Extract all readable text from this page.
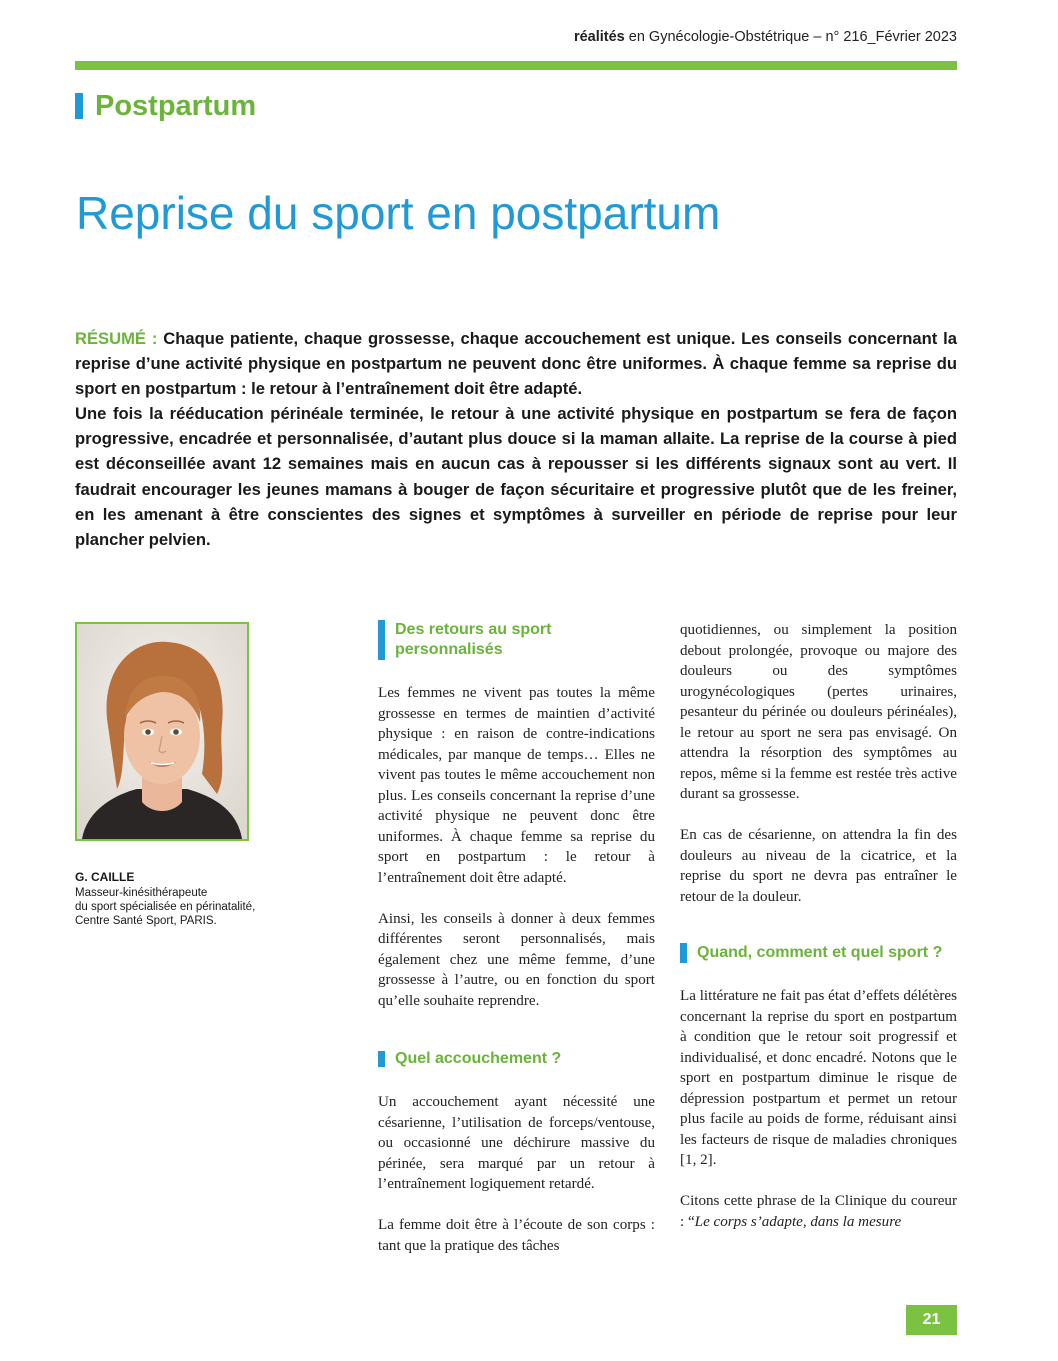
réalités en Gynécologie-Obstétrique – n° 216_Février 2023
Postpartum
Reprise du sport en postpartum

RÉSUMÉ : Chaque patiente, chaque grossesse, chaque accouchement est unique. Les conseils concernant la reprise d’une activité physique en postpartum ne peuvent donc être uniformes. À chaque femme sa reprise du sport en postpartum : le retour à l’entraînement doit être adapté.

Une fois la rééducation périnéale terminée, le retour à une activité physique en postpartum se fera de façon progressive, encadrée et personnalisée, d’autant plus douce si la maman allaite. La reprise de la course à pied est déconseillée avant 12 semaines mais en aucun cas à repousser si les différents signaux sont au vert. Il faudrait encourager les jeunes mamans à bouger de façon sécuritaire et progressive plutôt que de les freiner, en les amenant à être conscientes des signes et symptômes à surveiller en période de reprise pour leur plancher pelvien.

G. CAILLE
Masseur-kinésithérapeute
du sport spécialisée en périnatalité,
Centre Santé Sport, PARIS.
Des retours au sport personnalisés

Les femmes ne vivent pas toutes la même grossesse en termes de maintien d’activité physique : en raison de contre-indications médicales, par manque de temps… Elles ne vivent pas toutes le même accouchement non plus. Les conseils concernant la reprise d’une activité physique ne peuvent donc être uniformes. À chaque femme sa reprise du sport en postpartum : le retour à l’entraînement doit être adapté.

Ainsi, les conseils à donner à deux femmes différentes seront personnalisés, mais également chez une même femme, d’une grossesse à l’autre, ou en fonction du sport qu’elle souhaite reprendre.

Quel accouchement ?

Un accouchement ayant nécessité une césarienne, l’utilisation de forceps/ventouse, ou occasionné une déchirure massive du périnée, sera marqué par un retour à l’entraînement logiquement retardé.

La femme doit être à l’écoute de son corps : tant que la pratique des tâches

quotidiennes, ou simplement la position debout prolongée, provoque ou majore des douleurs ou des symptômes urogynécologiques (pertes urinaires, pesanteur du périnée ou douleurs périnéales), le retour au sport ne sera pas envisagé. On attendra la résorption des symptômes au repos, même si la femme est restée très active durant sa grossesse.

En cas de césarienne, on attendra la fin des douleurs au niveau de la cicatrice, et la reprise du sport ne devra pas entraîner le retour de la douleur.

Quand, comment et quel sport ?

La littérature ne fait pas état d’effets délétères concernant la reprise du sport en postpartum à condition que le retour soit progressif et individualisé, et donc encadré. Notons que le sport en postpartum diminue le risque de dépression postpartum et permet un retour plus facile au poids de forme, réduisant ainsi les facteurs de risque de maladies chroniques [1, 2].

Citons cette phrase de la Clinique du coureur : “Le corps s’adapte, dans la mesure

21
